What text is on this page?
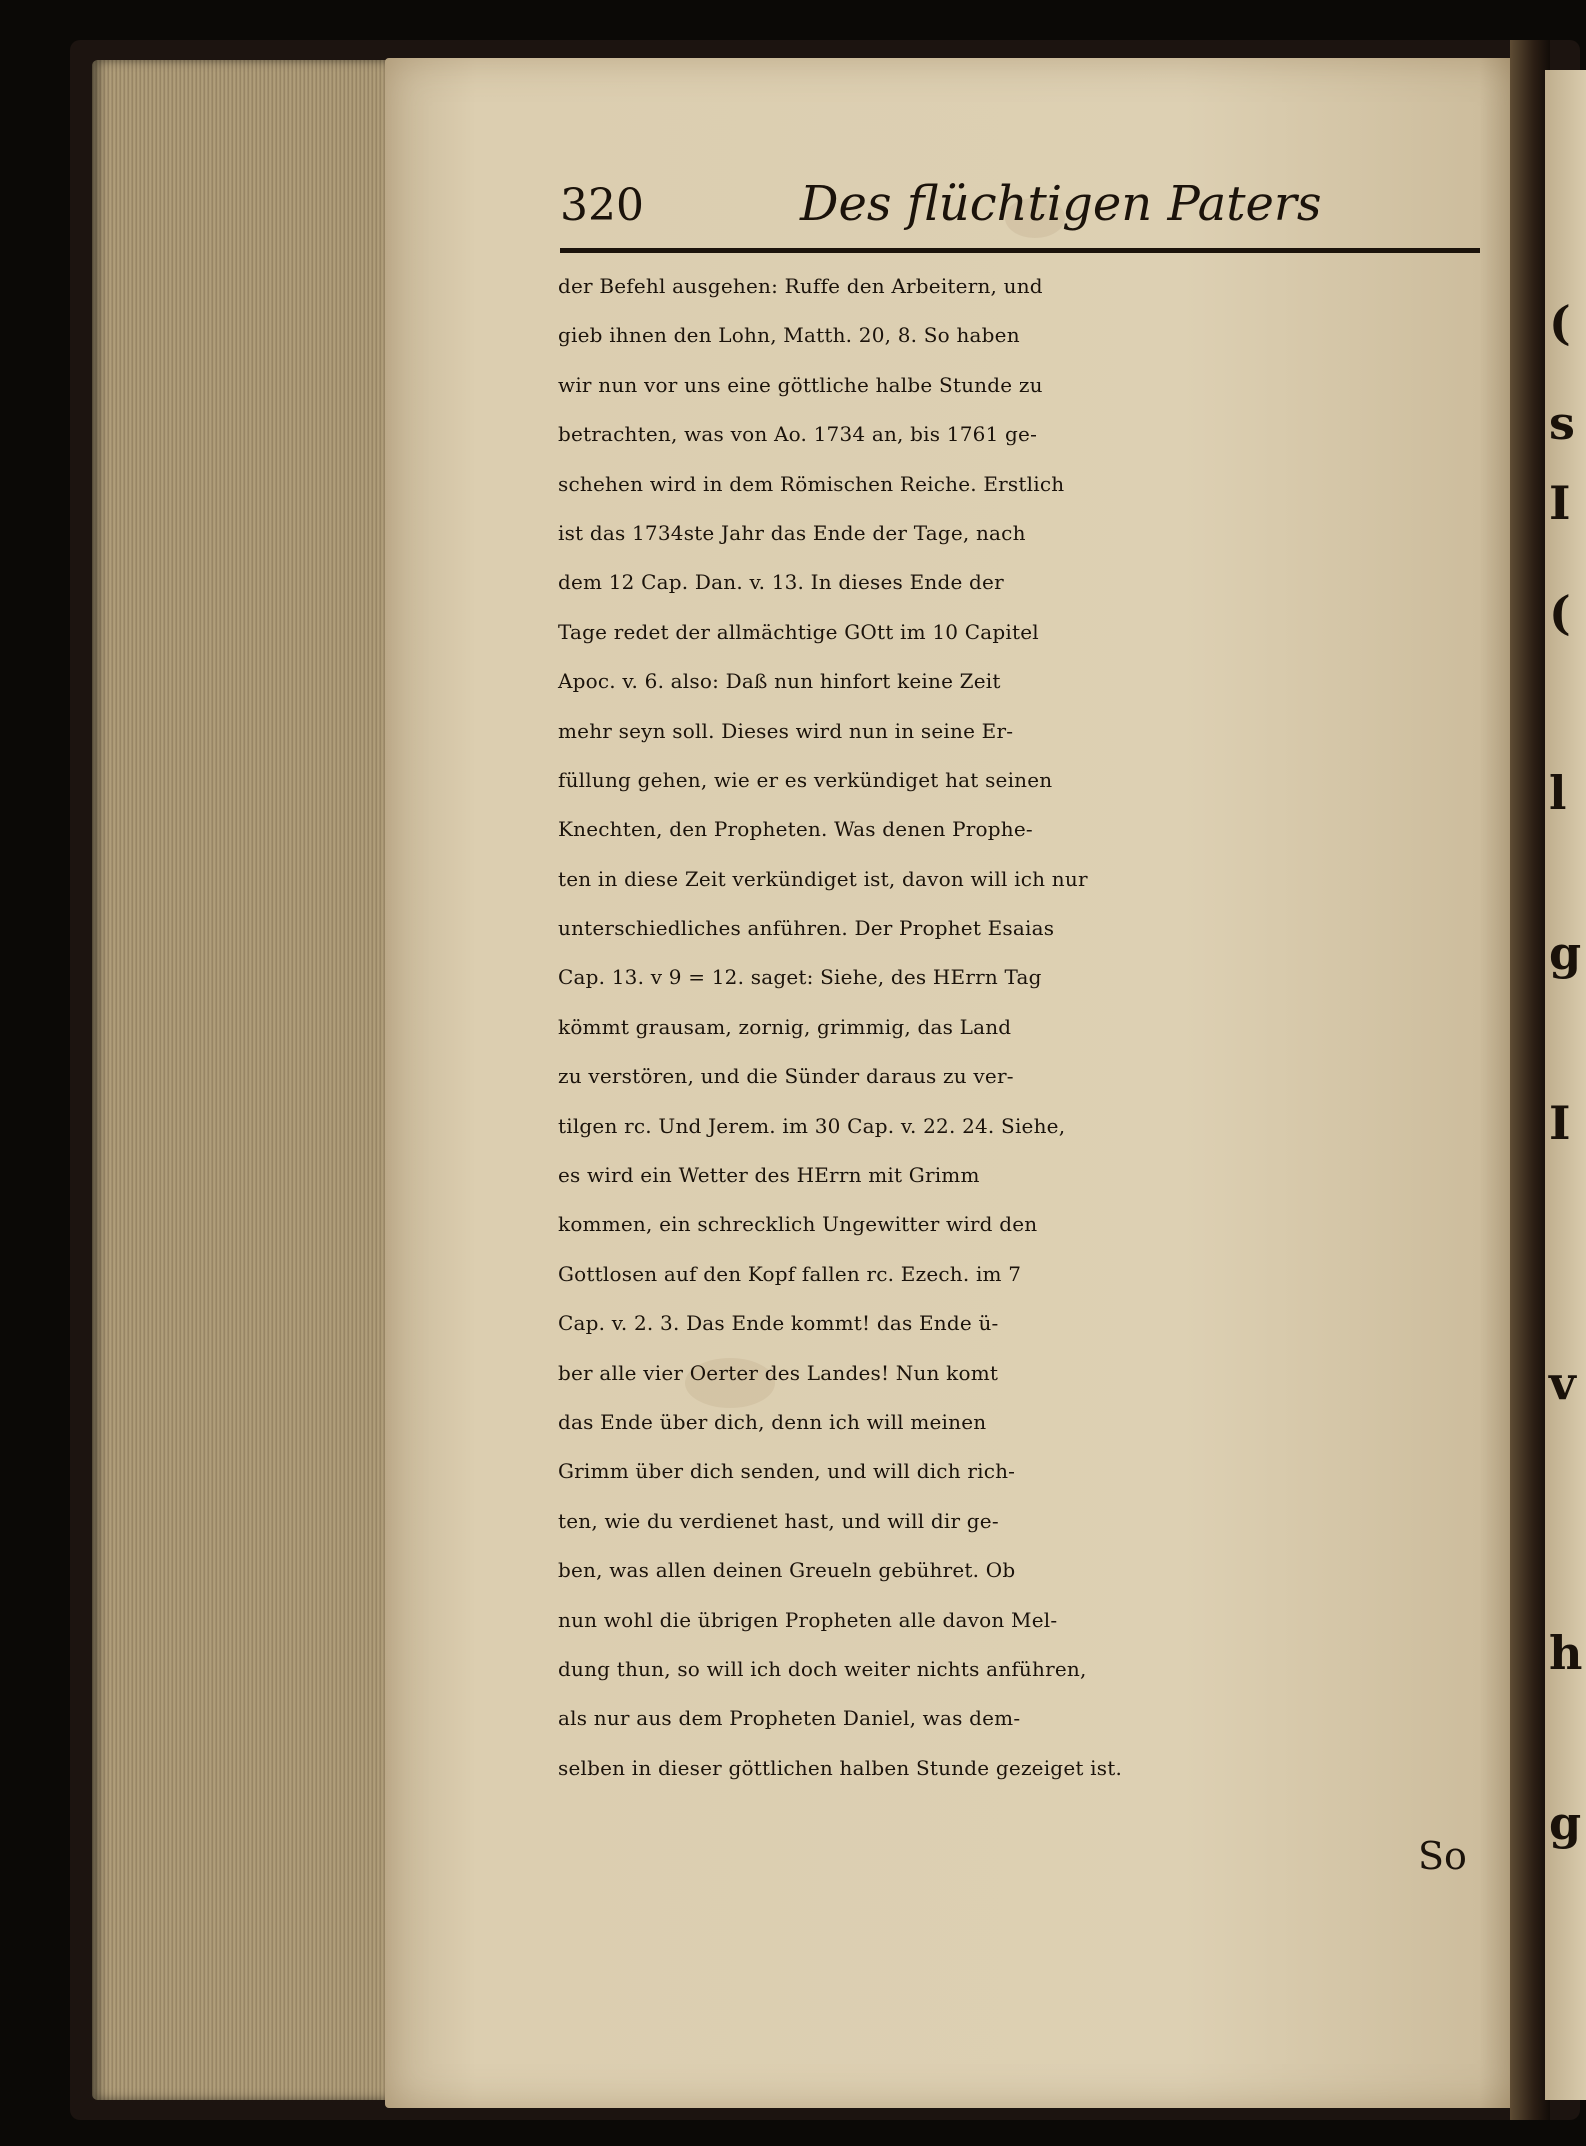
(
s
I
(
l
g
I
v
h
g
320	Des flüchtigen Paters
der Befehl ausgehen: Ruffe den Arbeitern, und
gieb ihnen den Lohn, Matth. 20, 8. So haben
wir nun vor uns eine göttliche halbe Stunde zu
betrachten, was von Ao. 1734 an, bis 1761 ge-
schehen wird in dem Römischen Reiche. Erstlich
ist das 1734ste Jahr das Ende der Tage, nach
dem 12 Cap. Dan. v. 13. In dieses Ende der
Tage redet der allmächtige GOtt im 10 Capitel
Apoc. v. 6. also: Daß nun hinfort keine Zeit
mehr seyn soll. Dieses wird nun in seine Er-
füllung gehen, wie er es verkündiget hat seinen
Knechten, den Propheten. Was denen Prophe-
ten in diese Zeit verkündiget ist, davon will ich nur
unterschiedliches anführen. Der Prophet Esaias
Cap. 13. v 9 = 12. saget: Siehe, des HErrn Tag
kömmt grausam, zornig, grimmig, das Land
zu verstören, und die Sünder daraus zu ver-
tilgen rc. Und Jerem. im 30 Cap. v. 22. 24. Siehe,
es wird ein Wetter des HErrn mit Grimm
kommen, ein schrecklich Ungewitter wird den
Gottlosen auf den Kopf fallen rc. Ezech. im 7
Cap. v. 2. 3. Das Ende kommt! das Ende ü-
ber alle vier Oerter des Landes! Nun komt
das Ende über dich, denn ich will meinen
Grimm über dich senden, und will dich rich-
ten, wie du verdienet hast, und will dir ge-
ben, was allen deinen Greueln gebühret. Ob
nun wohl die übrigen Propheten alle davon Mel-
dung thun, so will ich doch weiter nichts anführen,
als nur aus dem Propheten Daniel, was dem-
selben in dieser göttlichen halben Stunde gezeiget ist.
So
